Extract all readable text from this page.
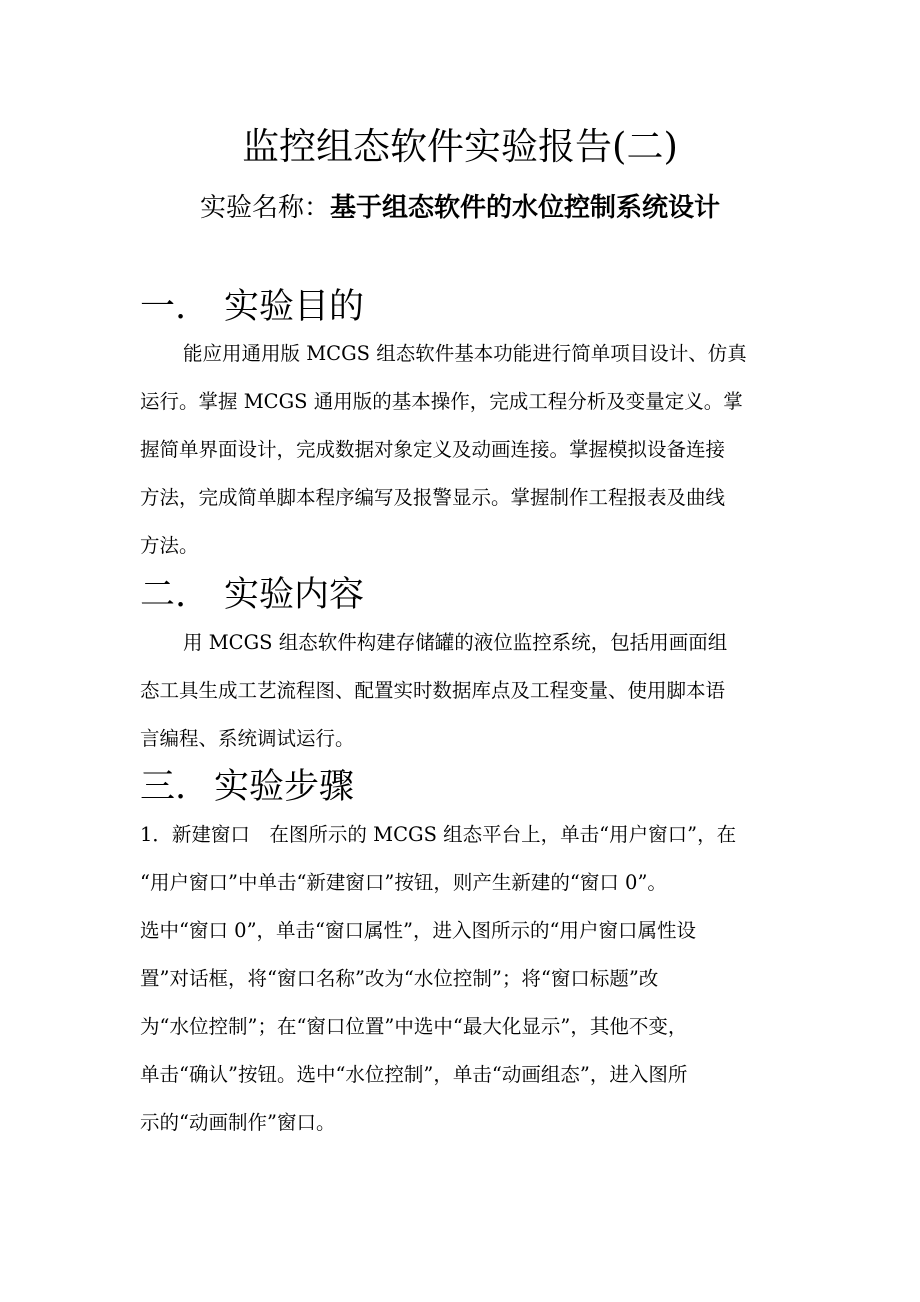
监控组态软件实验报告(二)
实验名称：基于组态软件的水位控制系统设计
一. 实验目的
能应用通用版 MCGS 组态软件基本功能进行简单项目设计、仿真
运行。掌握 MCGS 通用版的基本操作，完成工程分析及变量定义。掌
握简单界面设计，完成数据对象定义及动画连接。掌握模拟设备连接
方法，完成简单脚本程序编写及报警显示。掌握制作工程报表及曲线
方法。
二. 实验内容
用 MCGS 组态软件构建存储罐的液位监控系统，包括用画面组
态工具生成工艺流程图、配置实时数据库点及工程变量、使用脚本语
言编程、系统调试运行。
三. 实验步骤
1．新建窗口　在图所示的 MCGS 组态平台上，单击“用户窗口”，在
“用户窗口”中单击“新建窗口”按钮，则产生新建的“窗口 0”。
选中“窗口 0”，单击“窗口属性”，进入图所示的“用户窗口属性设
置”对话框，将“窗口名称”改为“水位控制”；将“窗口标题”改
为“水位控制”；在“窗口位置”中选中“最大化显示”，其他不变，
单击“确认”按钮。选中“水位控制”，单击“动画组态”，进入图所
示的“动画制作”窗口。
